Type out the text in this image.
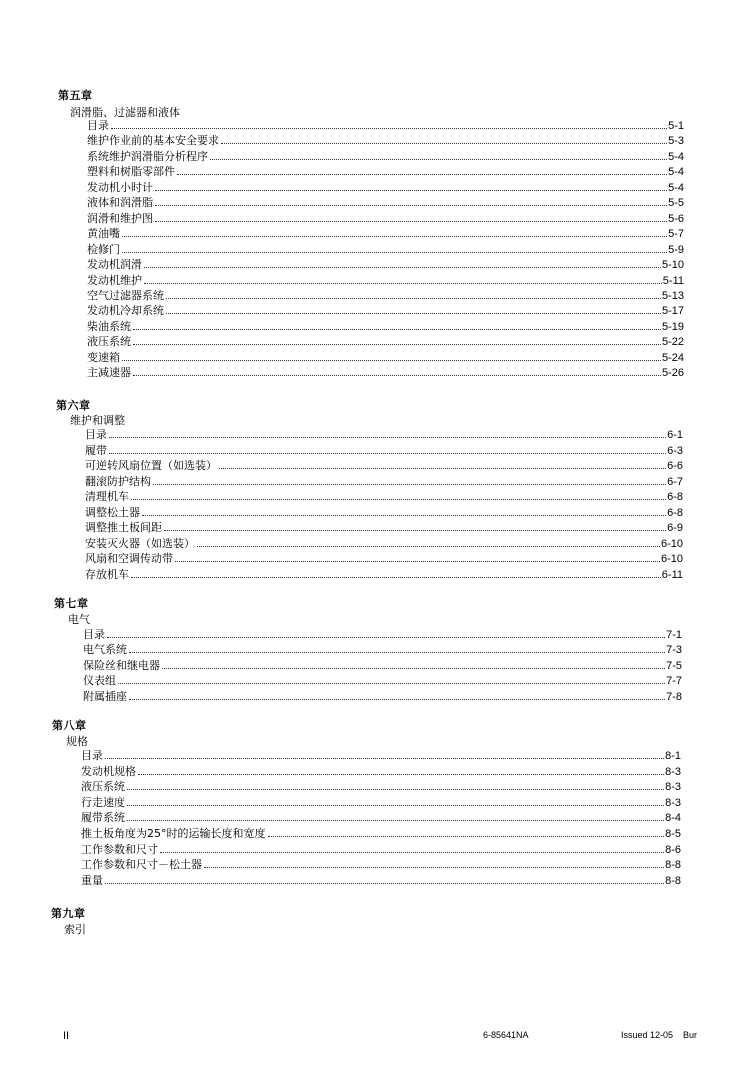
第五章
润滑脂、过滤器和液体
目录	5-1
维护作业前的基本安全要求	5-3
系统维护润滑脂分析程序	5-4
塑料和树脂零部件	5-4
发动机小时计	5-4
液体和润滑脂	5-5
润滑和维护图	5-6
黄油嘴	5-7
检修门	5-9
发动机润滑	5-10
发动机维护	5-11
空气过滤器系统	5-13
发动机冷却系统	5-17
柴油系统	5-19
液压系统	5-22
变速箱	5-24
主减速器	5-26
第六章
维护和调整
目录	6-1
履带	6-3
可逆转风扇位置（如选装）	6-6
翻滚防护结构	6-7
清理机车	6-8
调整松土器	6-8
调整推土板间距	6-9
安装灭火器（如选装）	6-10
风扇和空调传动带	6-10
存放机车	6-11
第七章
电气
目录	7-1
电气系统	7-3
保险丝和继电器	7-5
仪表组	7-7
附属插座	7-8
第八章
规格
目录	8-1
发动机规格	8-3
液压系统	8-3
行走速度	8-3
履带系统	8-4
推土板角度为25°时的运输长度和宽度	8-5
工作参数和尺寸	8-6
工作参数和尺寸－松土器	8-8
重量	8-8
第九章
索引
II	6-85641NA	Issued 12-05 Bur
